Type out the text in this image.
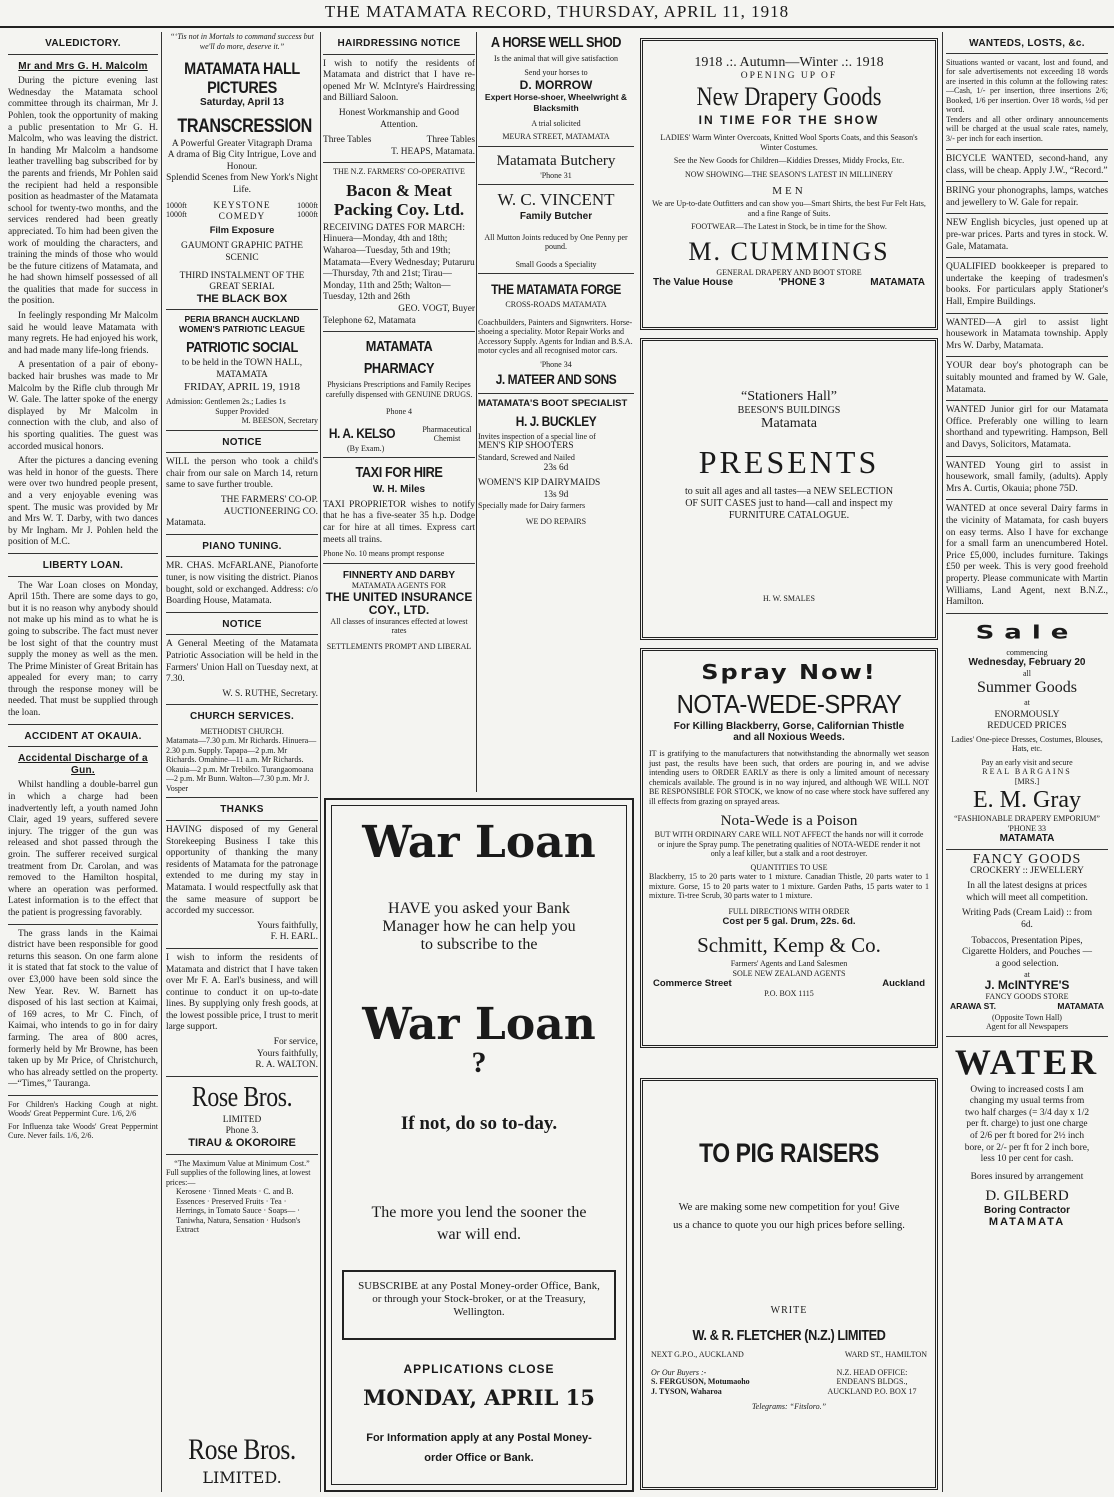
THE MATAMATA RECORD, THURSDAY, APRIL 11, 1918
VALEDICTORY.
Mr and Mrs G. H. Malcolm

During the picture evening last Wednesday the Matamata school committee through its chairman, Mr J. Pohlen, took the opportunity of making a public presentation to Mr G. H. Malcolm, who was leaving the district. In handing Mr Malcolm a handsome leather travelling bag subscribed for by the parents and friends, Mr Pohlen said the recipient had held a responsible position as headmaster of the Matamata school for twenty-two months, and the services rendered had been greatly appreciated. To him had been given the work of moulding the characters, and training the minds of those who would be the future citizens of Matamata, and he had shown himself possessed of all the qualities that made for success in the position.

In feelingly responding Mr Malcolm said he would leave Matamata with many regrets. He had enjoyed his work, and had made many life-long friends.

A presentation of a pair of ebony-backed hair brushes was made to Mr Malcolm by the Rifle club through Mr W. Gale. The latter spoke of the energy displayed by Mr Malcolm in connection with the club, and also of his sporting qualities. The guest was accorded musical honors.

After the pictures a dancing evening was held in honor of the guests. There were over two hundred people present, and a very enjoyable evening was spent. The music was provided by Mr and Mrs W. T. Darby, with two dances by Mr Ingham. Mr J. Pohlen held the position of M.C.

LIBERTY LOAN.

The War Loan closes on Monday, April 15th. There are some days to go, but it is no reason why anybody should not make up his mind as to what he is going to subscribe. The fact must never be lost sight of that the country must supply the money as well as the men. The Prime Minister of Great Britain has appealed for every man; to carry through the response money will be needed. That must be supplied through the loan.

ACCIDENT AT OKAUIA.
Accidental Discharge of a Gun.

Whilst handling a double-barrel gun in which a charge had been inadvertently left, a youth named John Clair, aged 19 years, suffered severe injury. The trigger of the gun was released and shot passed through the groin. The sufferer received surgical treatment from Dr. Carolan, and was removed to the Hamilton hospital, where an operation was performed. Latest information is to the effect that the patient is progressing favorably.

The grass lands in the Kaimai district have been responsible for good returns this season. On one farm alone it is stated that fat stock to the value of over £3,000 have been sold since the New Year. Rev. W. Barnett has disposed of his last section at Kaimai, of 169 acres, to Mr C. Finch, of Kaimai, who intends to go in for dairy farming. The area of 800 acres, formerly held by Mr Browne, has been taken up by Mr Price, of Christchurch, who has already settled on the property.—“Times,” Tauranga.

For Children's Hacking Cough at night. Woods' Great Peppermint Cure. 1/6, 2/6

For Influenza take Woods' Great Peppermint Cure. Never fails. 1/6, 2/6.

“‘Tis not in Mortals to command success but we'll do more, deserve it.”
MATAMATA HALL PICTURES
Saturday, April 13
TRANSCRESSION
A Powerful Greater Vitagraph Drama
A drama of Big City Intrigue, Love and Honour.
Splendid Scenes from New York's Night Life.
1000ft 1000ft
KEYSTONE COMEDY
1000ft 1000ft
Film Exposure
GAUMONT GRAPHIC PATHE SCENIC
THIRD INSTALMENT OF THE GREAT SERIAL
THE BLACK BOX
PERIA BRANCH AUCKLAND WOMEN'S PATRIOTIC LEAGUE
PATRIOTIC SOCIAL
to be held in the TOWN HALL, MATAMATA
FRIDAY, APRIL 19, 1918
Admission: Gentlemen 2s.; Ladies 1s
Supper Provided
M. BEESON, Secretary
NOTICE

WILL the person who took a child's chair from our sale on March 14, return same to save further trouble.

THE FARMERS' CO-OP. AUCTIONEERING CO.
Matamata.
PIANO TUNING.

MR. CHAS. McFARLANE, Pianoforte tuner, is now visiting the district. Pianos bought, sold or exchanged. Address: c/o Boarding House, Matamata.

NOTICE

A General Meeting of the Matamata Patriotic Association will be held in the Farmers' Union Hall on Tuesday next, at 7.30.

W. S. RUTHE, Secretary.
CHURCH SERVICES.
METHODIST CHURCH.
Matamata—7.30 p.m. Mr Richards. Hinuera—2.30 p.m. Supply. Tapapa—2 p.m. Mr Richards. Omahine—11 a.m. Mr Richards. Okauia—2 p.m. Mr Trebilco. Turangaomoana—2 p.m. Mr Bunn. Walton—7.30 p.m. Mr J. Vosper
THANKS

HAVING disposed of my General Storekeeping Business I take this opportunity of thanking the many residents of Matamata for the patronage extended to me during my stay in Matamata. I would respectfully ask that the same measure of support be accorded my successor.

Yours faithfully,
F. H. EARL.

I wish to inform the residents of Matamata and district that I have taken over Mr F. A. Earl's business, and will continue to conduct it on up-to-date lines. By supplying only fresh goods, at the lowest possible price, I trust to merit large support.

For service,
Yours faithfully,
R. A. WALTON.
Rose Bros.
LIMITED
Phone 3.
TIRAU & OKOROIRE
“The Maximum Value at Minimum Cost.”
Full supplies of the following lines, at lowest prices:—
Kerosene · Tinned Meats · C. and B. Essences · Preserved Fruits · Tea · Herrings, in Tomato Sauce · Soaps— · Taniwha, Natura, Sensation · Hudson's Extract
Rose Bros.
LIMITED.
HAIRDRESSING NOTICE

I wish to notify the residents of Matamata and district that I have re-opened Mr W. McIntyre's Hairdressing and Billiard Saloon.

Honest Workmanship and Good Attention.
Three Tables	Three Tables
T. HEAPS, Matamata.
THE N.Z. FARMERS' CO-OPERATIVE
Bacon & Meat Packing Coy. Ltd.
RECEIVING DATES FOR MARCH: Hinuera—Monday, 4th and 18th; Waharoa—Tuesday, 5th and 19th; Matamata—Every Wednesday; Putaruru—Thursday, 7th and 21st; Tirau—Monday, 11th and 25th; Walton—Tuesday, 12th and 26th
GEO. VOGT, Buyer
Telephone 62, Matamata
MATAMATA PHARMACY
Physicians Prescriptions and Family Recipes carefully dispensed with GENUINE DRUGS.
Phone 4
H. A. KELSO	Pharmaceutical Chemist
(By Exam.)
TAXI FOR HIRE
W. H. Miles

TAXI PROPRIETOR wishes to notify that he has a five-seater 35 h.p. Dodge car for hire at all times. Express cart meets all trains.

Phone No. 10 means prompt response
FINNERTY AND DARBY
MATAMATA AGENTS FOR
THE UNITED INSURANCE COY., LTD.
All classes of insurances effected at lowest rates
SETTLEMENTS PROMPT AND LIBERAL
A HORSE WELL SHOD
Is the animal that will give satisfaction
Send your horses to
D. MORROW
Expert Horse-shoer, Wheelwright & Blacksmith
A trial solicited
MEURA STREET, MATAMATA
Matamata Butchery
'Phone 31
W. C. VINCENT
Family Butcher
All Mutton Joints reduced by One Penny per pound.
Small Goods a Speciality
THE MATAMATA FORGE
CROSS-ROADS MATAMATA
Coachbuilders, Painters and Signwriters. Horse-shoeing a speciality. Motor Repair Works and Accessory Supply. Agents for Indian and B.S.A. motor cycles and all recognised motor cars.
'Phone 34
J. MATEER AND SONS
MATAMATA'S BOOT SPECIALIST
H. J. BUCKLEY
Invites inspection of a special line of
MEN'S KIP SHOOTERS
Standard, Screwed and Nailed
23s 6d
WOMEN'S KIP DAIRYMAIDS
13s 9d
Specially made for Dairy farmers
WE DO REPAIRS
War Loan
HAVE you asked your Bank Manager how he can help you to subscribe to the
War Loan
?
If not, do so to-day.
The more you lend the sooner the war will end.
SUBSCRIBE at any Postal Money-order Office, Bank, or through your Stock-broker, or at the Treasury, Wellington.
APPLICATIONS CLOSE
MONDAY, APRIL 15
For Information apply at any Postal Money-order Office or Bank.
1918 .:. Autumn—Winter .:. 1918
OPENING UP OF
New Drapery Goods
IN TIME FOR THE SHOW
LADIES' Warm Winter Overcoats, Knitted Wool Sports Coats, and this Season's Winter Costumes.
See the New Goods for Children—Kiddies Dresses, Middy Frocks, Etc.
NOW SHOWING—THE SEASON'S LATEST IN MILLINERY
MEN
We are Up-to-date Outfitters and can show you—Smart Shirts, the best Fur Felt Hats, and a fine Range of Suits.
FOOTWEAR—The Latest in Stock, be in time for the Show.
M. CUMMINGS
GENERAL DRAPERY AND BOOT STORE
The Value House	'PHONE 3	MATAMATA
“Stationers Hall”
BEESON'S BUILDINGS
Matamata
PRESENTS
to suit all ages and all tastes—a NEW SELECTION OF SUIT CASES just to hand—call and inspect my FURNITURE CATALOGUE.
H. W. SMALES
Spray Now!
NOTA-WEDE-SPRAY
For Killing Blackberry, Gorse, Californian Thistle and all Noxious Weeds.
IT is gratifying to the manufacturers that notwithstanding the abnormally wet season just past, the results have been such, that orders are pouring in, and we advise intending users to ORDER EARLY as there is only a limited amount of necessary chemicals available. The ground is in no way injured, and although WE WILL NOT BE RESPONSIBLE FOR STOCK, we know of no case where stock have suffered any ill effects from grazing on sprayed areas.
Nota-Wede is a Poison
BUT WITH ORDINARY CARE WILL NOT AFFECT the hands nor will it corrode or injure the Spray pump. The penetrating qualities of NOTA-WEDE render it not only a leaf killer, but a stalk and a root destroyer.
QUANTITIES TO USE
Blackberry, 15 to 20 parts water to 1 mixture. Canadian Thistle, 20 parts water to 1 mixture. Gorse, 15 to 20 parts water to 1 mixture. Garden Paths, 15 parts water to 1 mixture. Ti-tree Scrub, 30 parts water to 1 mixture.
FULL DIRECTIONS WITH ORDER
Cost per 5 gal. Drum, 22s. 6d.
Schmitt, Kemp & Co.
Farmers' Agents and Land Salesmen
SOLE NEW ZEALAND AGENTS
Commerce Street	Auckland
P.O. BOX 1115
TO PIG RAISERS
We are making some new competition for you! Give us a chance to quote you our high prices before selling.
WRITE
W. & R. FLETCHER (N.Z.) LIMITED
NEXT G.P.O., AUCKLAND	WARD ST., HAMILTON
Or Our Buyers :-
S. FERGUSON, Motumaoho
J. TYSON, Waharoa
N.Z. HEAD OFFICE: ENDEAN'S BLDGS., AUCKLAND P.O. BOX 17
Telegrams: “Fitsloro.”
WANTEDS, LOSTS, &c.
Situations wanted or vacant, lost and found, and for sale advertisements not exceeding 18 words are inserted in this column at the following rates:—Cash, 1/- per insertion, three insertions 2/6; Booked, 1/6 per insertion. Over 18 words, ½d per word.
Tenders and all other ordinary announcements will be charged at the usual scale rates, namely, 3/- per inch for each insertion.

BICYCLE WANTED, second-hand, any class, will be cheap. Apply J.W., “Record.”

BRING your phonographs, lamps, watches and jewellery to W. Gale for repair.

NEW English bicycles, just opened up at pre-war prices. Parts and tyres in stock. W. Gale, Matamata.

QUALIFIED bookkeeper is prepared to undertake the keeping of tradesmen's books. For particulars apply Stationer's Hall, Empire Buildings.

WANTED—A girl to assist light housework in Matamata township. Apply Mrs W. Darby, Matamata.

YOUR dear boy's photograph can be suitably mounted and framed by W. Gale, Matamata.

WANTED Junior girl for our Matamata Office. Preferably one willing to learn shorthand and typewriting. Hampson, Bell and Davys, Solicitors, Matamata.

WANTED Young girl to assist in housework, small family, (adults). Apply Mrs A. Curtis, Okauia; phone 75D.

WANTED at once several Dairy farms in the vicinity of Matamata, for cash buyers on easy terms. Also I have for exchange for a small farm an unencumbered Hotel. Price £5,000, includes furniture. Takings £50 per week. This is very good freehold property. Please communicate with Martin Williams, Land Agent, next B.N.Z., Hamilton.

Sale
commencing
Wednesday, February 20
all
Summer Goods
at
ENORMOUSLY REDUCED PRICES
Ladies' One-piece Dresses, Costumes, Blouses, Hats, etc.
Pay an early visit and secure
REAL BARGAINS
[MRS.]
E. M. Gray
“FASHIONABLE DRAPERY EMPORIUM”
'PHONE 33
MATAMATA
FANCY GOODS
CROCKERY :: JEWELLERY
In all the latest designs at prices which will meet all competition.
Writing Pads (Cream Laid) :: from 6d.
Tobaccos, Presentation Pipes, Cigarette Holders, and Pouches — a good selection.
at
J. McINTYRE'S
FANCY GOODS STORE
ARAWA ST.	MATAMATA
(Opposite Town Hall)
Agent for all Newspapers
WATER
Owing to increased costs I am changing my usual terms from two half charges (= 3/4 day x 1/2 per ft. charge) to just one charge of 2/6 per ft bored for 2½ inch bore, or 2/- per ft for 2 inch bore, less 10 per cent for cash.
Bores insured by arrangement
D. GILBERD
Boring Contractor
MATAMATA
